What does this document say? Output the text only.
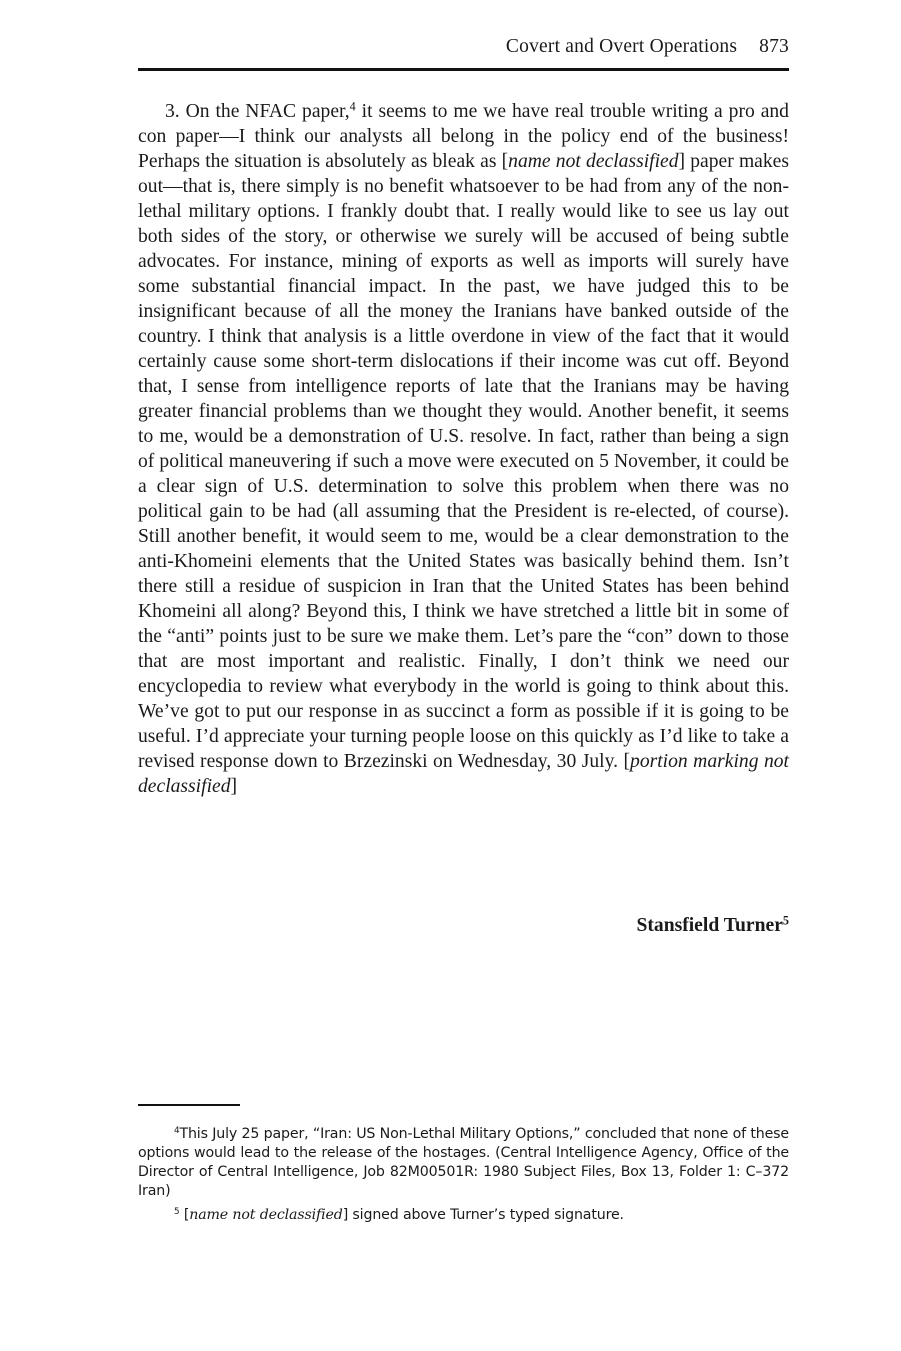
Covert and Overt Operations 873

3. On the NFAC paper,$^4$ it seems to me we have real trouble writing a pro and con paper—I think our analysts all belong in the policy end of the business! Perhaps the situation is absolutely as bleak as [name not declassified] paper makes out—that is, there simply is no benefit whatsoever to be had from any of the non-lethal military options. I frankly doubt that. I really would like to see us lay out both sides of the story, or otherwise we surely will be accused of being subtle advocates. For instance, mining of exports as well as imports will surely have some substantial financial impact. In the past, we have judged this to be insignificant because of all the money the Iranians have banked outside of the country. I think that analysis is a little overdone in view of the fact that it would certainly cause some short-term dislocations if their income was cut off. Beyond that, I sense from intelligence reports of late that the Iranians may be having greater financial problems than we thought they would. Another benefit, it seems to me, would be a demonstration of U.S. resolve. In fact, rather than being a sign of political maneuvering if such a move were executed on 5 November, it could be a clear sign of U.S. determination to solve this problem when there was no political gain to be had (all assuming that the President is re-elected, of course). Still another benefit, it would seem to me, would be a clear demonstration to the anti-Khomeini elements that the United States was basically behind them. Isn’t there still a residue of suspicion in Iran that the United States has been behind Khomeini all along? Beyond this, I think we have stretched a little bit in some of the “anti” points just to be sure we make them. Let’s pare the “con” down to those that are most important and realistic. Finally, I don’t think we need our encyclopedia to review what everybody in the world is going to think about this. We’ve got to put our response in as succinct a form as possible if it is going to be useful. I’d appreciate your turning people loose on this quickly as I’d like to take a revised response down to Brzezinski on Wednesday, 30 July. [portion marking not declassified]

Stansfield Turner$^5$

$^4$This July 25 paper, “Iran: US Non-Lethal Military Options,” concluded that none of these options would lead to the release of the hostages. (Central Intelligence Agency, Office of the Director of Central Intelligence, Job 82M00501R: 1980 Subject Files, Box 13, Folder 1: C–372 Iran)

$^5$ [name not declassified] signed above Turner’s typed signature.
